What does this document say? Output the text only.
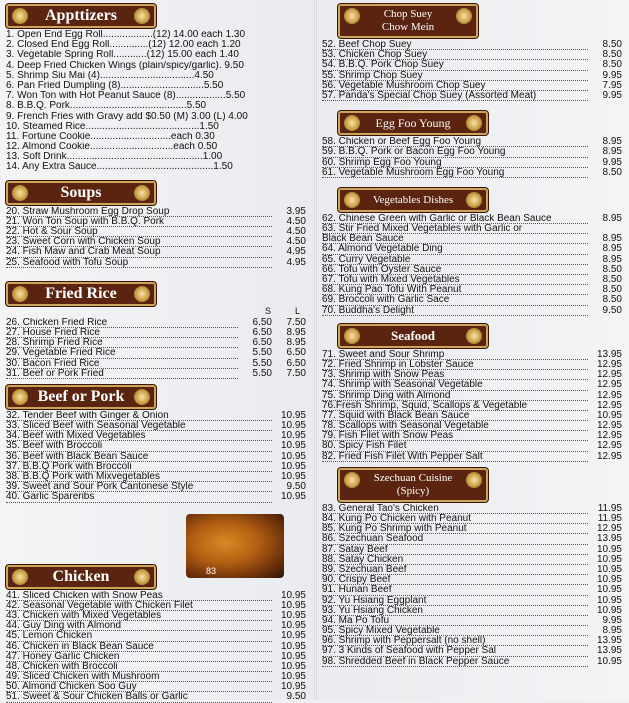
Appttizers
1. Open End Egg Roll..................(12) 14.00 each 1.30
2. Closed End Egg Roll..............(12) 12.00 each 1.20
3. Vegetable Spring Roll............(12) 15.00 each 1.40
4. Deep Fried Chicken Wings (plain/spicy/garlic). 9.50
5. Shrimp Siu Mai (4)..................................4.50
6. Pan Fried Dumpling (8)..............................5.50
7. Won Ton with Hot Peanut Sauce (8)..................5.50
8. B.B.Q. Pork..........................................5.50
9. French Fries with Gravy add $0.50 (M) 3.00 (L) 4.00
10. Steamed Rice.........................................1.50
11. Fortune Cookie.............................each 0.30
12. Almond Cookie..............................each 0.50
13. Soft Drink.................................................1.00
14. Any Extra Sauce..........................................1.50
Soups
20. Straw Mushroom Egg Drop Soup	3.95
21. Won Ton Soup with B.B.Q. Pork	4.50
22. Hot & Sour Soup	4.50
23. Sweet Corn with Chicken Soup	4.50
24. Fish Maw and Crab Meat Soup	4.95
25. Seafood with Tofu Soup	4.95
Fried Rice
S	L
26. Chicken Fried Rice	6.50	7.50
27. House Fried Rice	6.50	8.95
28. Shrimp Fried Rice	6.50	8.95
29. Vegetable Fried Rice	5.50	6.50
30. Bacon Fried Rice	5.50	6.50
31. Beef or Pork Fried	5.50	7.50
Beef or Pork
32. Tender Beef with Ginger & Onion	10.95
33. Sliced Beef with Seasonal Vegetable	10.95
34. Beef with Mixed Vegetables	10.95
35. Beef with Broccoli	10.95
36. Beef with Black Bean Sauce	10.95
37. B.B.Q Pork with Broccoli	10.95
38. B.B.Q Pork with Mixvegetables	10.95
39. Sweet and Sour Pork Cantonese Style	9.50
40. Garlic Spareribs	10.95
Chicken
41. Sliced Chicken with Snow Peas	10.95
42. Seasonal Vegetable with Chicken Filet	10.95
43. Chicken with Mixed Vegetables	10.95
44. Guy Ding with Almond	10.95
45. Lemon Chicken	10.95
46. Chicken in Black Bean Sauce	10.95
47. Honey Garlic Chicken	10.95
48. Chicken with Broccoli	10.95
49. Sliced Chicken with Mushroom	10.95
50. Almond Chicken Soo Guy	10.95
51. Sweet & Sour Chicken Balls or Garlic	9.50
83
Chop Suey
Chow Mein
52. Beef Chop Suey	8.50
53. Chicken Chop Suey	8.50
54. B.B.Q. Pork Chop Suey	8.50
55. Shrimp Chop Suey	9.95
56. Vegetable Mushroom Chop Suey	7.95
57. Panda's Special Chop Suey (Assorted Meat)	9.95
Egg Foo Young
58. Chicken or Beef Egg Foo Young	8.95
59. B.B.Q. Pork or Bacon Egg Foo Young	8.95
60. Shrimp Egg Foo Young	9.95
61. Vegetable Mushroom Egg Foo Young	8.50
Vegetables Dishes
62. Chinese Green with Garlic or Black Bean Sauce	8.95
63. Stir Fried Mixed Vegetables with Garlic or
Black Bean Sauce	8.95
64. Almond Vegetable Ding	8.95
65. Curry Vegetable	8.95
66. Tofu with Oyster Sauce	8.50
67. Tofu with Mixed Vegetables	8.50
68. Kung Pao Tofu With Peanut	8.50
69. Broccoli with Garlic Sace	8.50
70. Buddha's Delight	9.50
Seafood
71. Sweet and Sour Shrimp	13.95
72. Fried Shrimp in Lobster Sauce	12.95
73. Shrimp with Snow Peas	12.95
74. Shrimp with Seasonal Vegetable	12.95
75. Shrimp Ding with Almond	12.95
76.Fresh Shrimp, Squid, Scallops & Vegetable	12.95
77. Squid with Black Bean Sauce	10.95
78. Scallops with Seasonal Vegetable	12.95
79. Fish Filet with Snow Peas	12.95
80. Spicy Fish Filet	12.95
82. Fried Fish Filet With Pepper Salt	12.95
Szechuan Cuisine
(Spicy)
83. General Tao's Chicken	11.95
84. Kung Po Chicken with Peanut	11.95
85. Kung Po Shrimp with Peanut	12.95
86. Szechuan Seafood	13.95
87. Satay Beef	10.95
88. Satay Chicken	10.95
89. Szechuan Beef	10.95
90. Crispy Beef	10.95
91. Hunan Beef	10.95
92. Yu Hsiang Eggplant	10.95
93. Yu Hsiang Chicken	10.95
94. Ma Po Tofu	9.95
95. Spicy Mixed Vegetable	8.95
96. Shrimp with Peppersalt (no shell)	13.95
97. 3 Kinds of Seafood with Pepper Sal	13.95
98. Shredded Beef in Black Pepper Sauce	10.95
